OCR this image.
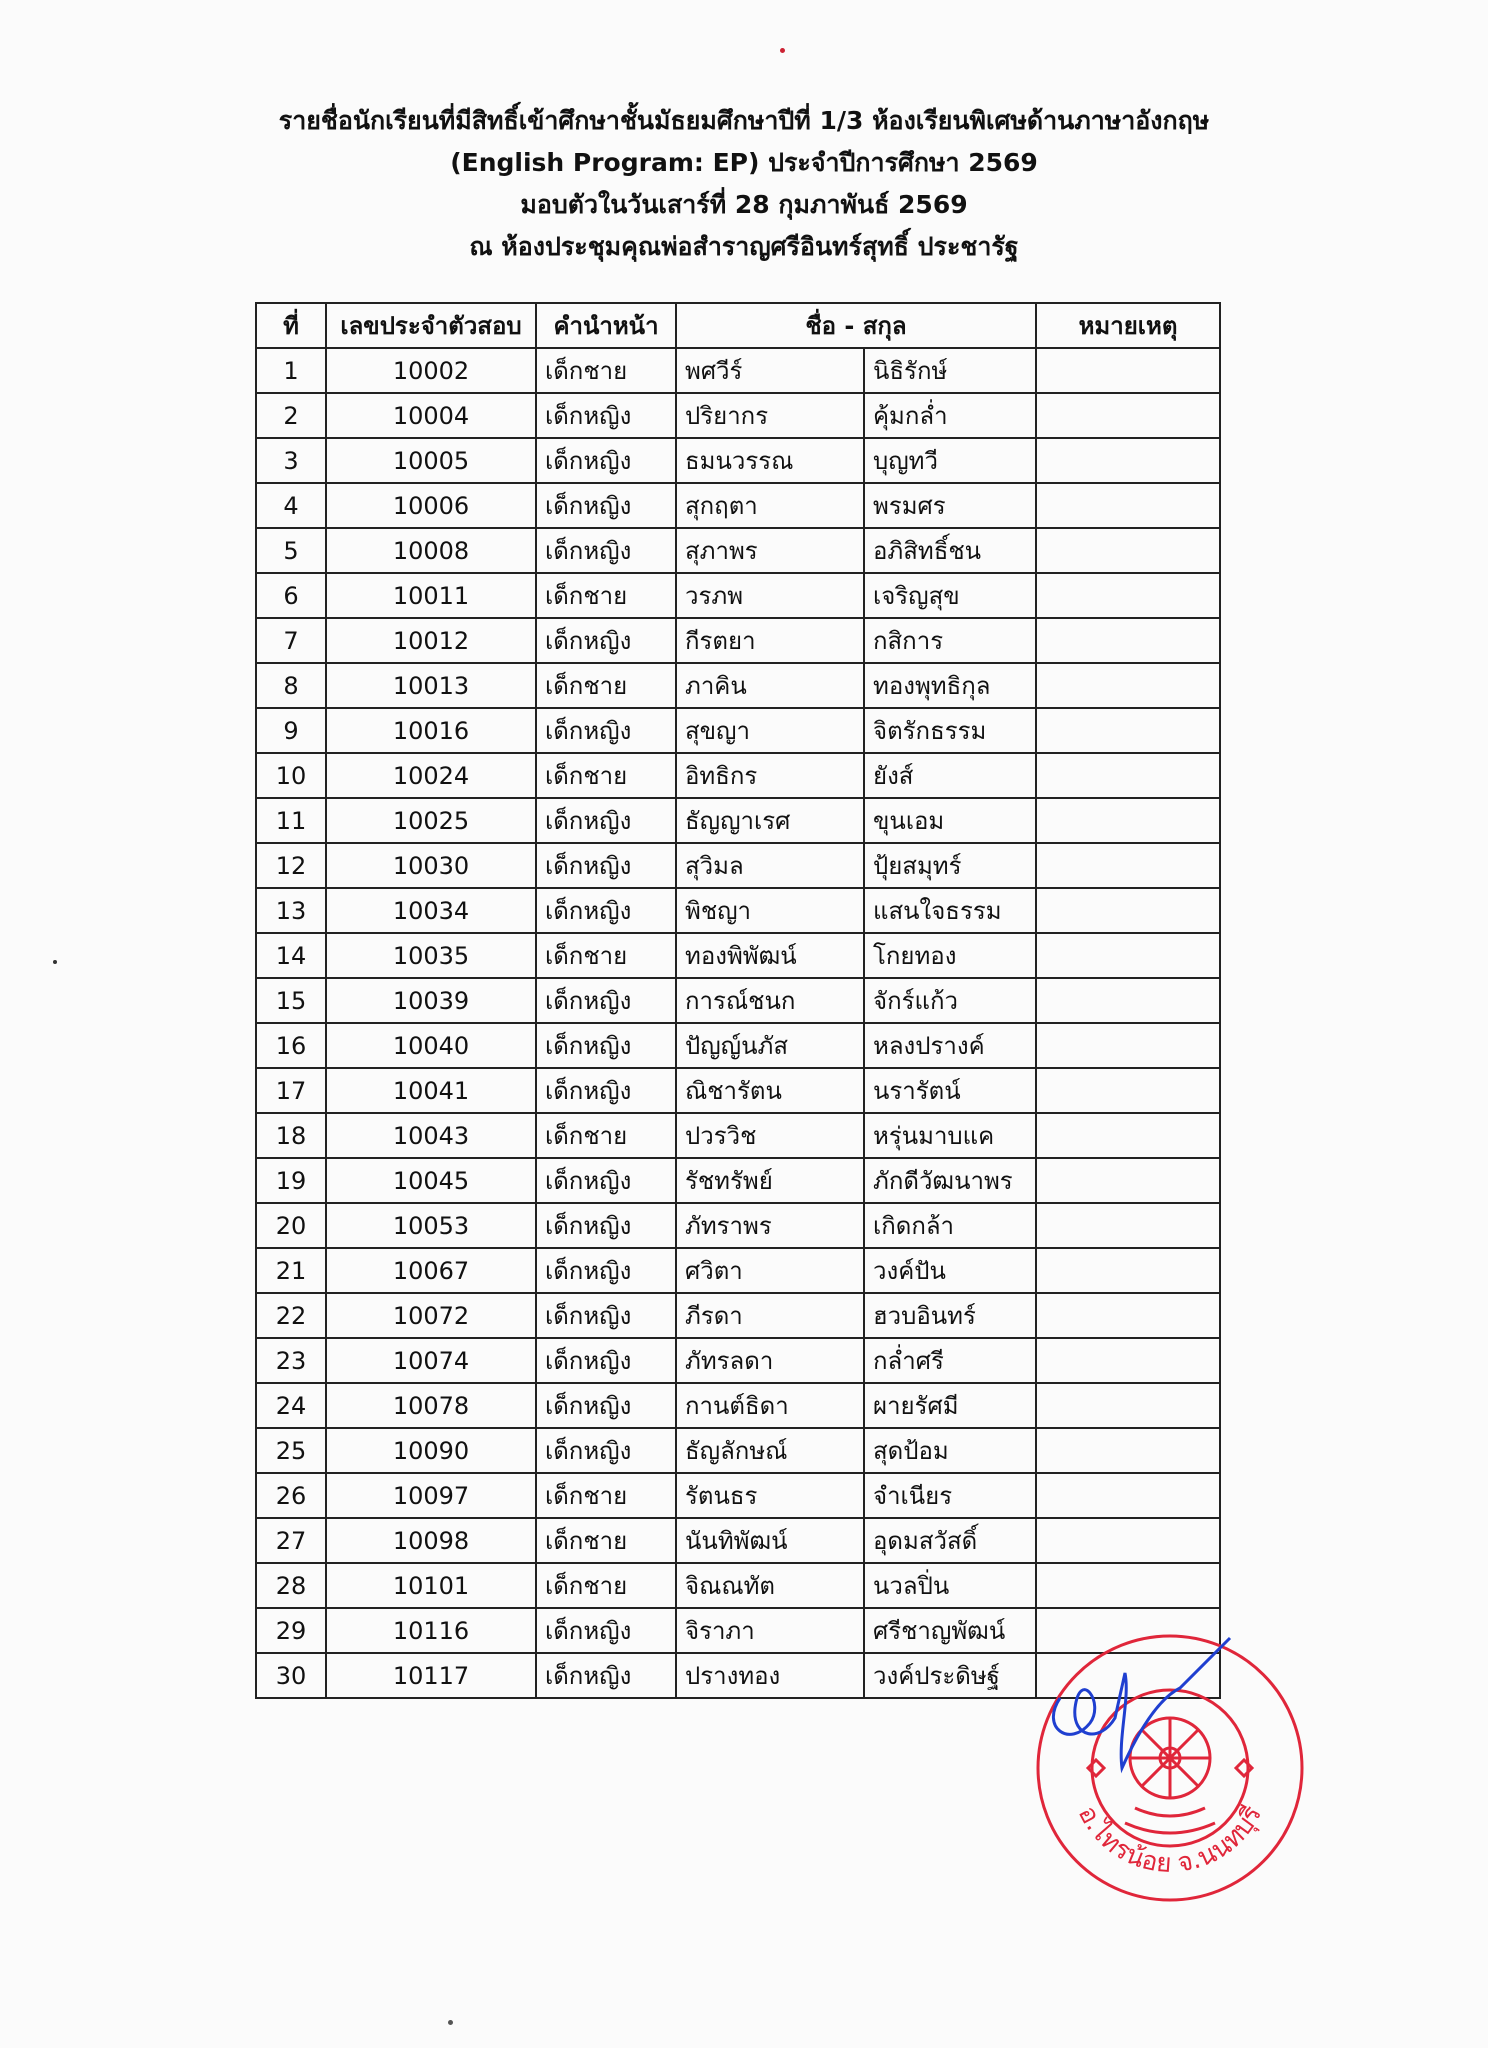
รายชื่อนักเรียนที่มีสิทธิ์เข้าศึกษาชั้นมัธยมศึกษาปีที่ 1/3 ห้องเรียนพิเศษด้านภาษาอังกฤษ
(English Program: EP) ประจำปีการศึกษา 2569
มอบตัวในวันเสาร์ที่ 28 กุมภาพันธ์ 2569
ณ ห้องประชุมคุณพ่อสำราญศรีอินทร์สุทธิ์ ประชารัฐ
ที่	เลขประจำตัวสอบ	คำนำหน้า	ชื่อ - สกุล		หมายเหตุ
1	10002	เด็กชาย	พศวีร์	นิธิรักษ์	
2	10004	เด็กหญิง	ปริยากร	คุ้มกล่ำ	
3	10005	เด็กหญิง	ธมนวรรณ	บุญทวี	
4	10006	เด็กหญิง	สุกฤตา	พรมศร	
5	10008	เด็กหญิง	สุภาพร	อภิสิทธิ์ชน	
6	10011	เด็กชาย	วรภพ	เจริญสุข	
7	10012	เด็กหญิง	กีรตยา	กสิการ	
8	10013	เด็กชาย	ภาคิน	ทองพุทธิกุล	
9	10016	เด็กหญิง	สุขญา	จิตรักธรรม	
10	10024	เด็กชาย	อิทธิกร	ยังส์	
11	10025	เด็กหญิง	ธัญญาเรศ	ขุนเอม	
12	10030	เด็กหญิง	สุวิมล	ปุ้ยสมุทร์	
13	10034	เด็กหญิง	พิชญา	แสนใจธรรม	
14	10035	เด็กชาย	ทองพิพัฒน์	โกยทอง	
15	10039	เด็กหญิง	การณ์ชนก	จักร์แก้ว	
16	10040	เด็กหญิง	ปัญญ์นภัส	หลงปรางค์	
17	10041	เด็กหญิง	ณิชารัตน	นรารัตน์	
18	10043	เด็กชาย	ปวรวิช	หรุ่นมาบแค	
19	10045	เด็กหญิง	รัชทรัพย์	ภักดีวัฒนาพร	
20	10053	เด็กหญิง	ภัทราพร	เกิดกล้า	
21	10067	เด็กหญิง	ศวิตา	วงค์ปัน	
22	10072	เด็กหญิง	ภีรดา	ฮวบอินทร์	
23	10074	เด็กหญิง	ภัทรลดา	กล่ำศรี	
24	10078	เด็กหญิง	กานต์ธิดา	ผายรัศมี	
25	10090	เด็กหญิง	ธัญลักษณ์	สุดป้อม	
26	10097	เด็กชาย	รัตนธร	จำเนียร	
27	10098	เด็กชาย	นันทิพัฒน์	อุดมสวัสดิ์	
28	10101	เด็กชาย	จิณณทัต	นวลปิ่น	
29	10116	เด็กหญิง	จิราภา	ศรีชาญพัฒน์	
30	10117	เด็กหญิง	ปรางทอง	วงค์ประดิษฐ์	
อ.ไทรน้อย จ.นนทบุรี
